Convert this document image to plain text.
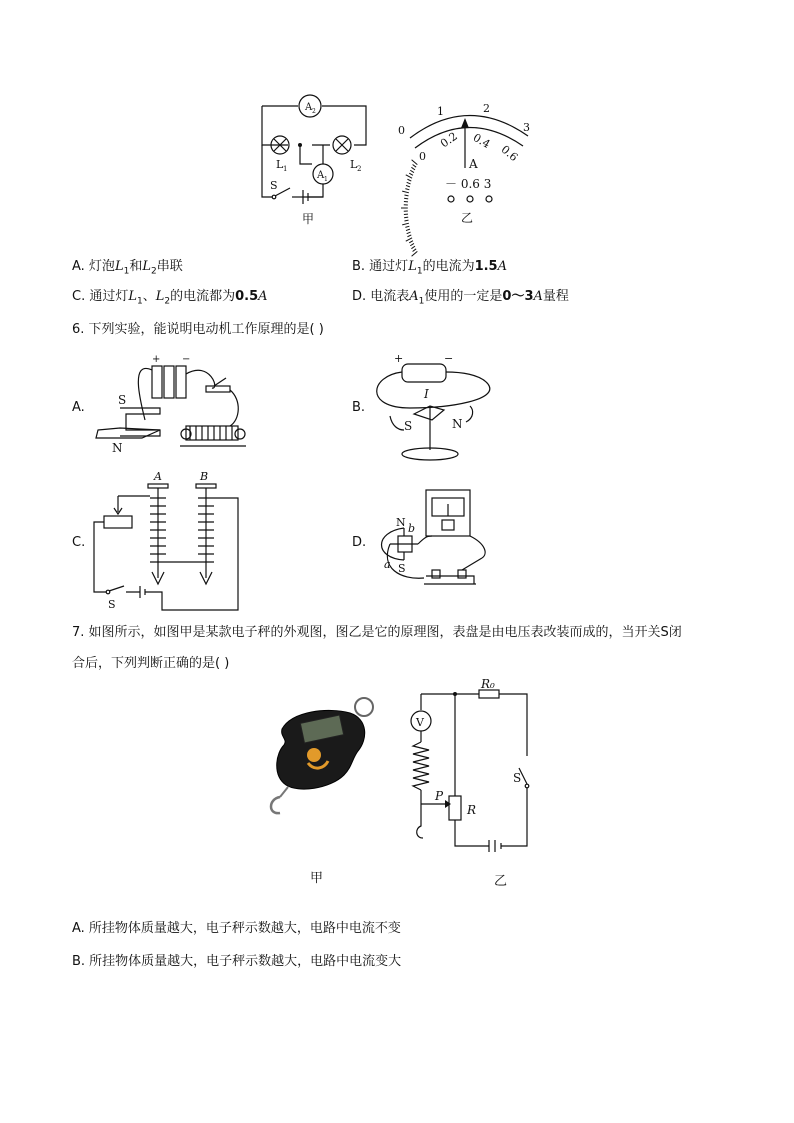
A 2
A 1
L 1	L 2
S
甲
0
1	2
3
0
0.2 0.4
0.6
A
－ 0.6 3
乙
A. 灯泡$L_1$和$L_2$串联	B. 通过灯$L_1$的电流为1.5A
C. 通过灯$L_1$、$L_2$的电流都为0.5A	D. 电流表$A_1$使用的一定是0～3A量程
6. 下列实验，能说明电动机工作原理的是( )
A.
+ −
S
N
B.
+	−
I
S	N
C.
A	B
S
D.
N
S
a
b
7. 如图所示，如图甲是某款电子秤的外观图，图乙是它的原理图，表盘是由电压表改装而成的，当开关S闭
合后，下列判断正确的是( )
甲
R₀
V
R
P
S
乙
A. 所挂物体质量越大，电子秤示数越大，电路中电流不变
B. 所挂物体质量越大，电子秤示数越大，电路中电流变大
